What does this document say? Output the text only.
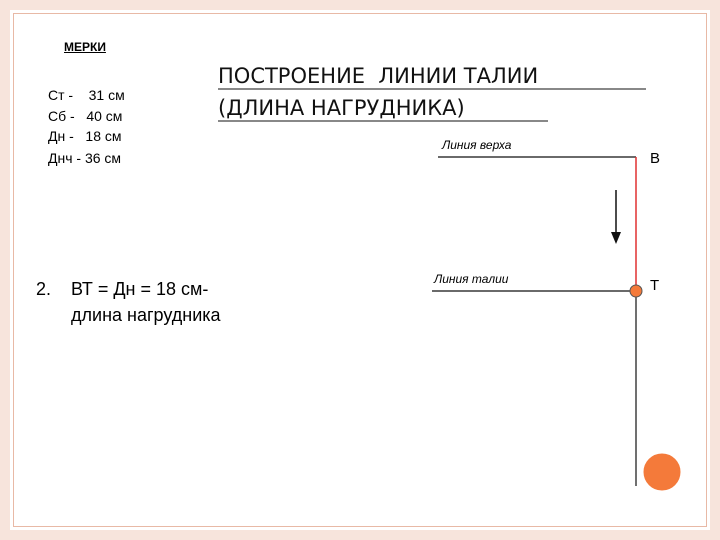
МЕРКИ
Ст -    31 см
Сб -   40 см
Дн -   18 см
Днч - 36 см
ПОСТРОЕНИЕ  ЛИНИИ ТАЛИИ
(ДЛИНА НАГРУДНИКА)
2.    ВТ = Дн = 18 см-
длина нагрудника
Линия верха
Линия талии
В
Т
